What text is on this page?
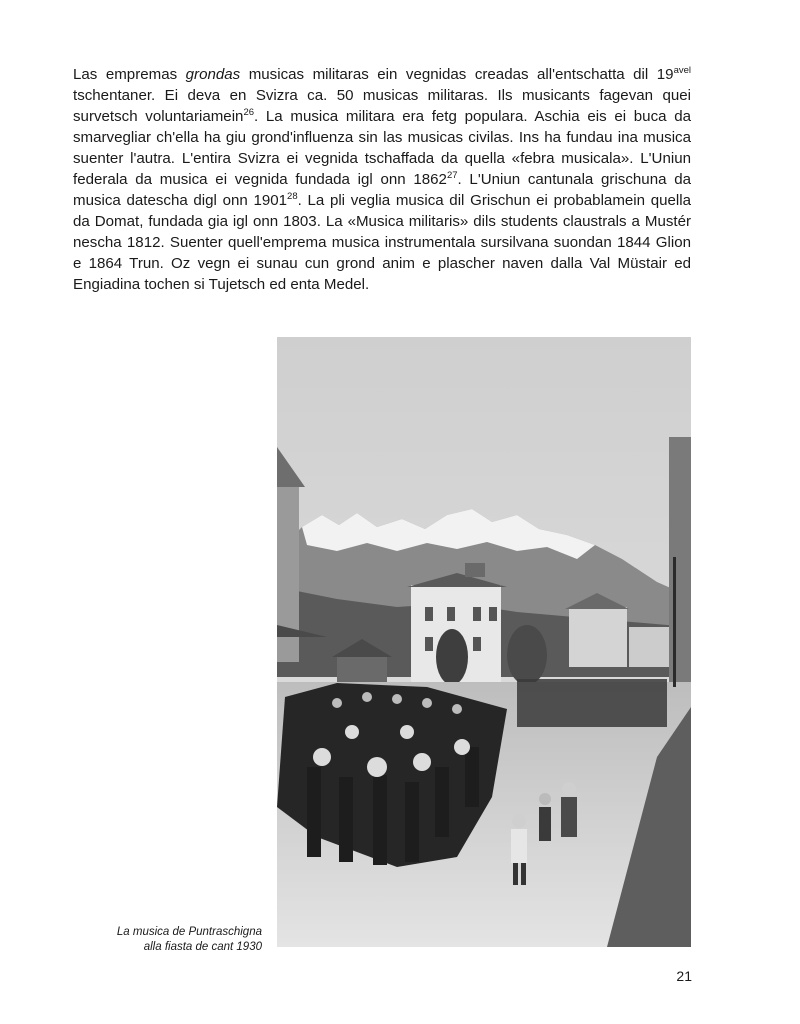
Las empremas grondas musicas militaras ein vegnidas creadas all'entschatta dil $19^{avel}$ tschentaner. Ei deva en Svizra ca. 50 musicas militaras. Ils musicants fagevan quei survetsch voluntariamein$^{26}$. La musica militara era fetg populara. Aschia eis ei buca da smarvegliar ch'ella ha giu grond'influenza sin las musicas civilas. Ins ha fundau ina musica suenter l'autra. L'entira Svizra ei vegnida tschaffada da quella «febra musicala». L'Uniun federala da musica ei vegnida fundada igl onn 1862$^{27}$. L'Uniun cantunala grischuna da musica datescha digl onn 1901$^{28}$. La pli veglia musica dil Grischun ei probablamein quella da Domat, fundada gia igl onn 1803. La «Musica militaris» dils students claustrals a Mustér nescha 1812. Suenter quell'emprema musica instrumentala sursilvana suondan 1844 Glion e 1864 Trun. Oz vegn ei sunau cun grond anim e plascher naven dalla Val Müstair ed Engiadina tochen si Tujetsch ed enta Medel.

La musica de Puntraschigna
alla fiasta de cant 1930
21
